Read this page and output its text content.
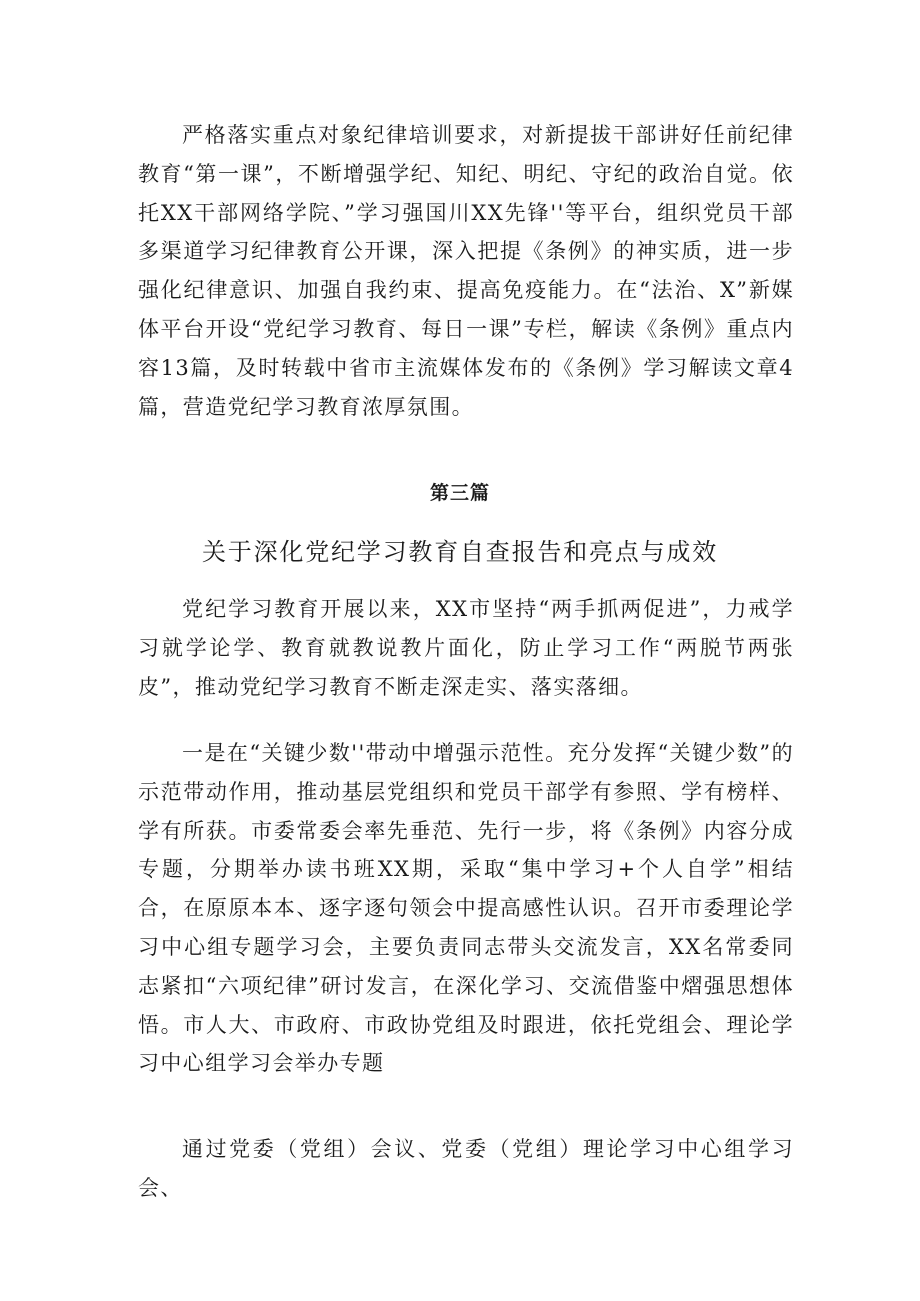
严格落实重点对象纪律培训要求，对新提拔干部讲好任前纪律教育“第一课”，不断增强学纪、知纪、明纪、守纪的政治自觉。依托XX干部网络学院、”学习强国川XX先锋''等平台，组织党员干部多渠道学习纪律教育公开课，深入把提《条例》的神实质，进一步强化纪律意识、加强自我约束、提高免疫能力。在“法治、X”新媒体平台开设“党纪学习教育、每日一课”专栏，解读《条例》重点内容13篇，及时转载中省市主流媒体发布的《条例》学习解读文章4篇，营造党纪学习教育浓厚氛围。

第三篇
关于深化党纪学习教育自查报告和亮点与成效

党纪学习教育开展以来，XX市坚持“两手抓两促进”，力戒学习就学论学、教育就教说教片面化，防止学习工作“两脱节两张皮”，推动党纪学习教育不断走深走实、落实落细。

一是在“关键少数''带动中增强示范性。充分发挥“关键少数”的示范带动作用，推动基层党组织和党员干部学有参照、学有榜样、学有所获。市委常委会率先垂范、先行一步，将《条例》内容分成专题，分期举办读书班XX期，采取“集中学习+个人自学”相结合，在原原本本、逐字逐句领会中提高感性认识。召开市委理论学习中心组专题学习会，主要负责同志带头交流发言，XX名常委同志紧扣“六项纪律”研讨发言，在深化学习、交流借鉴中熠强思想体悟。市人大、市政府、市政协党组及时跟进，依托党组会、理论学习中心组学习会举办专题

通过党委（党组）会议、党委（党组）理论学习中心组学习会、
